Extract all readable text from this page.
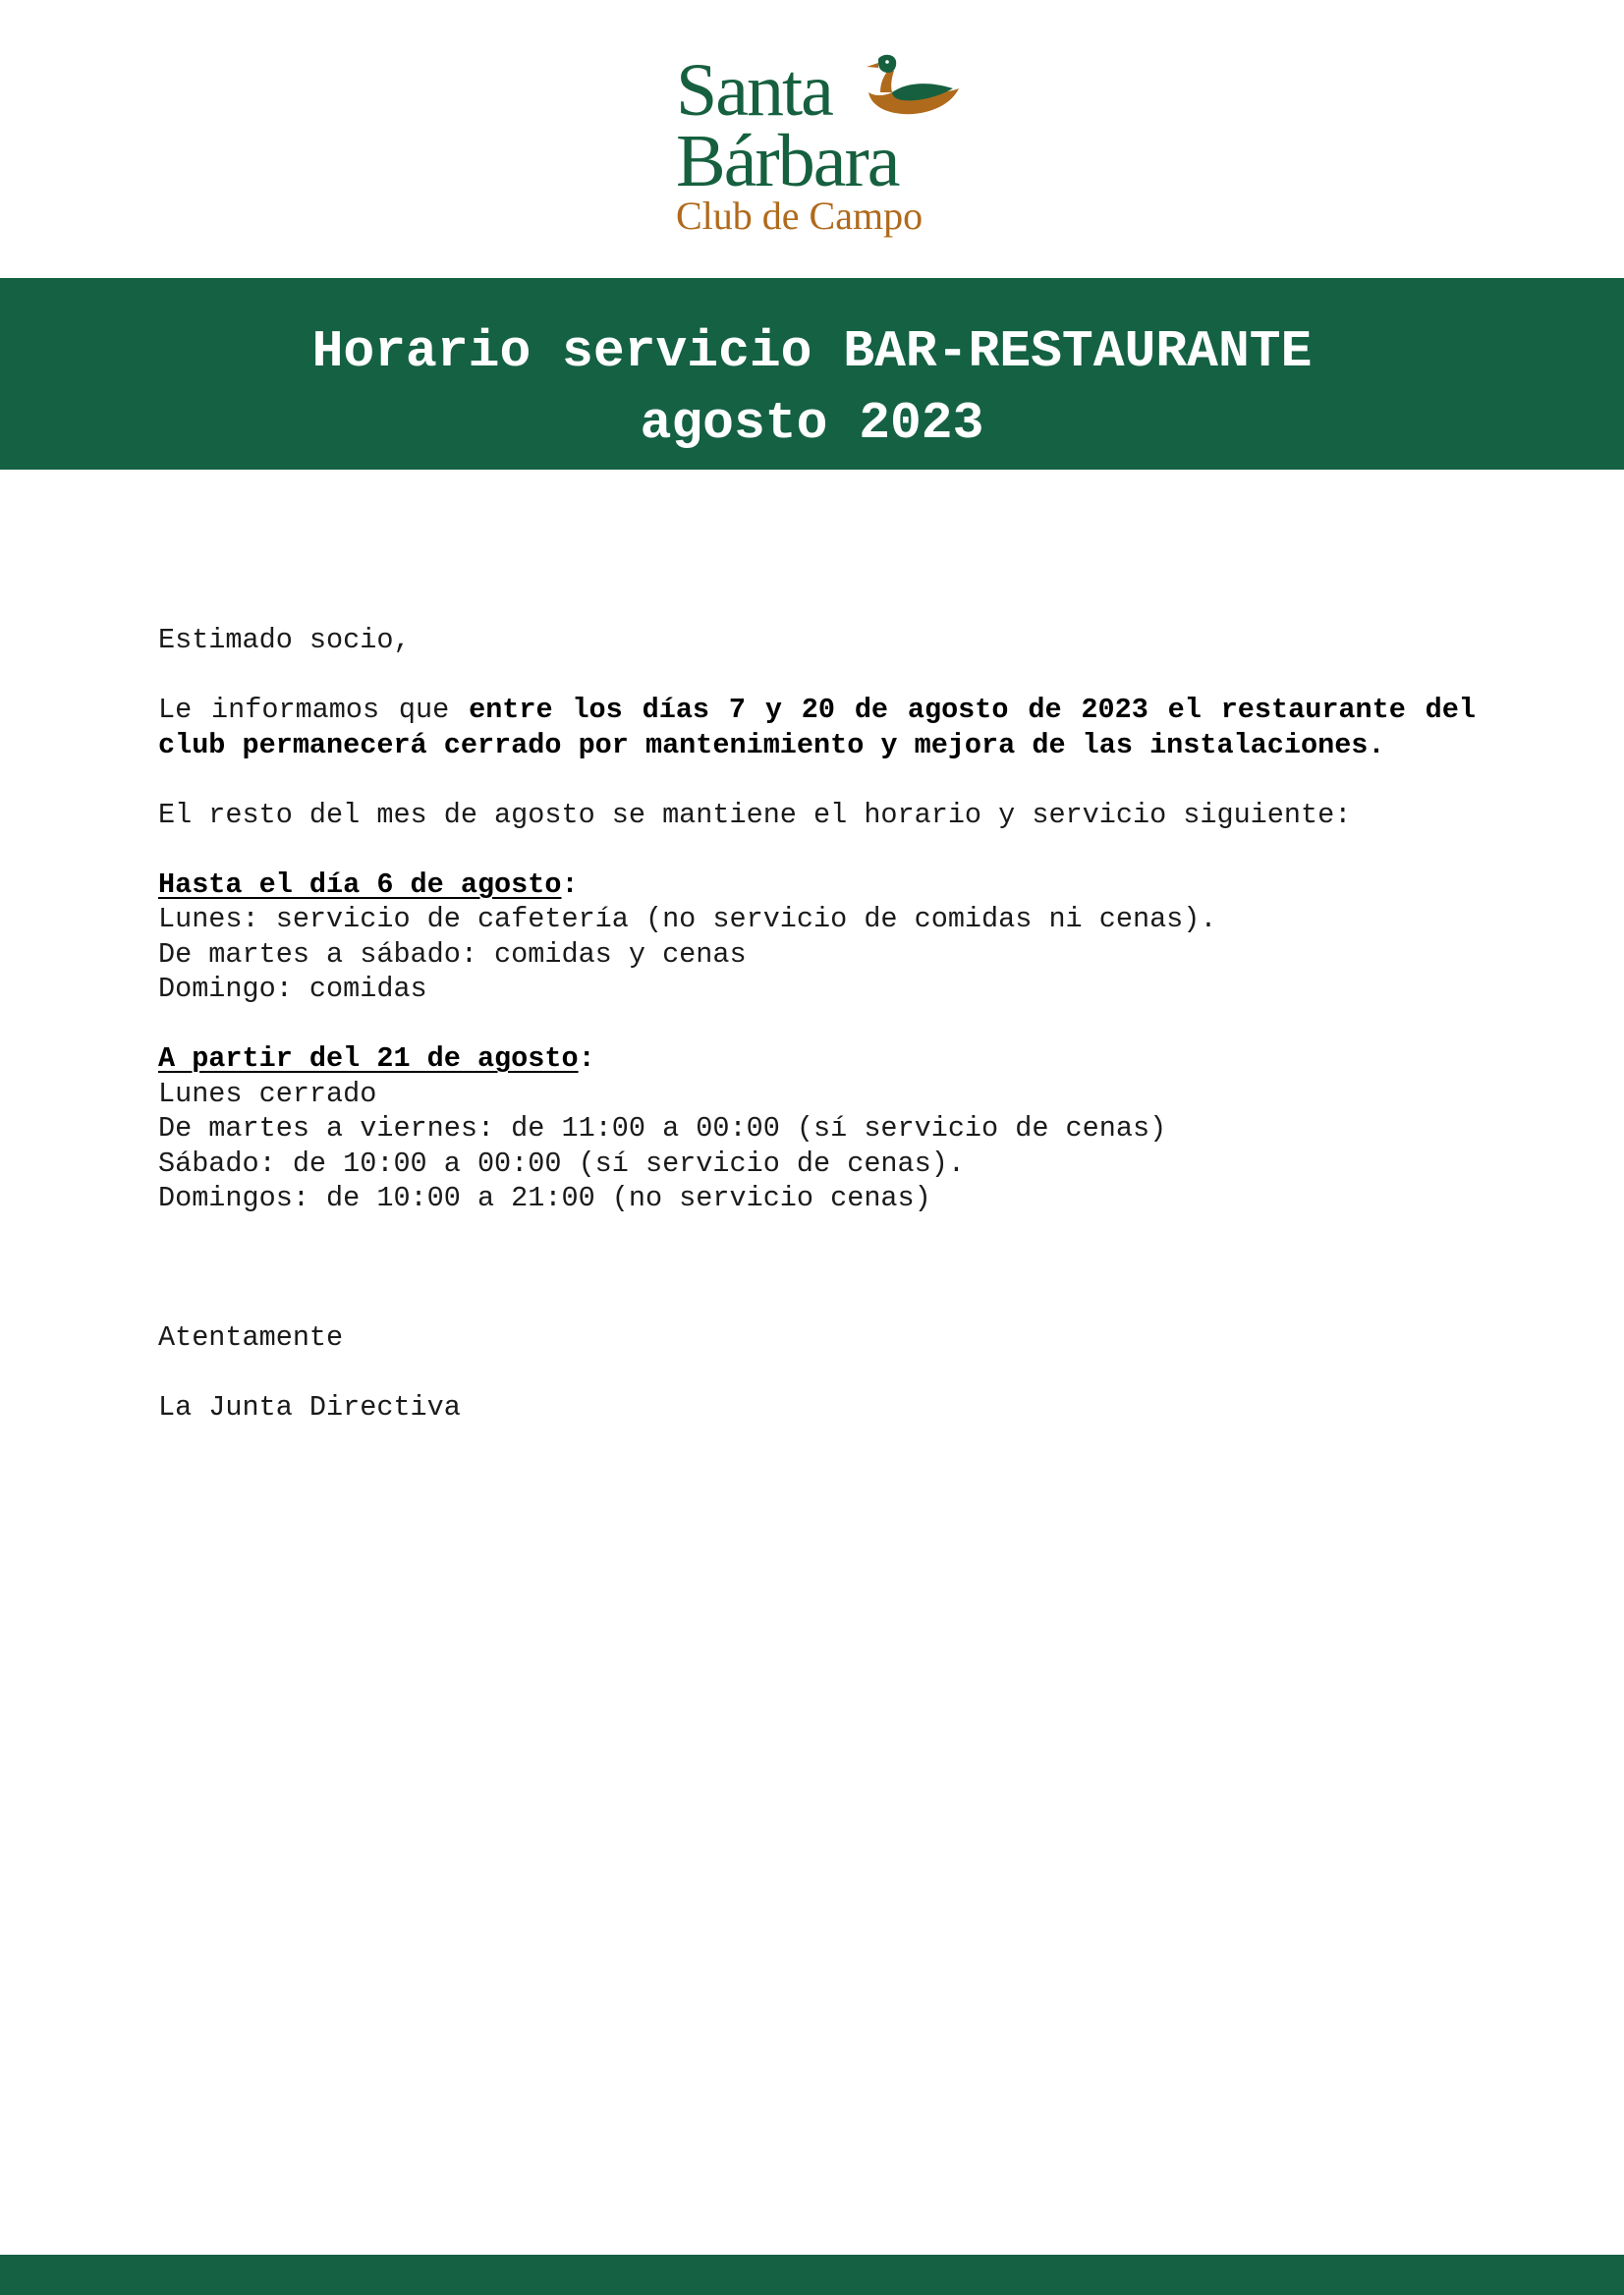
Santa
Bárbara
Club de Campo
Horario servicio BAR-RESTAURANTE
agosto 2023

Estimado socio,

Le informamos que entre los días 7 y 20 de agosto de 2023 el restaurante del club permanecerá cerrado por mantenimiento y mejora de las instalaciones.

El resto del mes de agosto se mantiene el horario y servicio siguiente:

Hasta el día 6 de agosto:

Lunes: servicio de cafetería (no servicio de comidas ni cenas).

De martes a sábado: comidas y cenas

Domingo: comidas

A partir del 21 de agosto:

Lunes cerrado

De martes a viernes: de 11:00 a 00:00 (sí servicio de cenas)

Sábado: de 10:00 a 00:00 (sí servicio de cenas).

Domingos: de 10:00 a 21:00 (no servicio cenas)

Atentamente

La Junta Directiva
